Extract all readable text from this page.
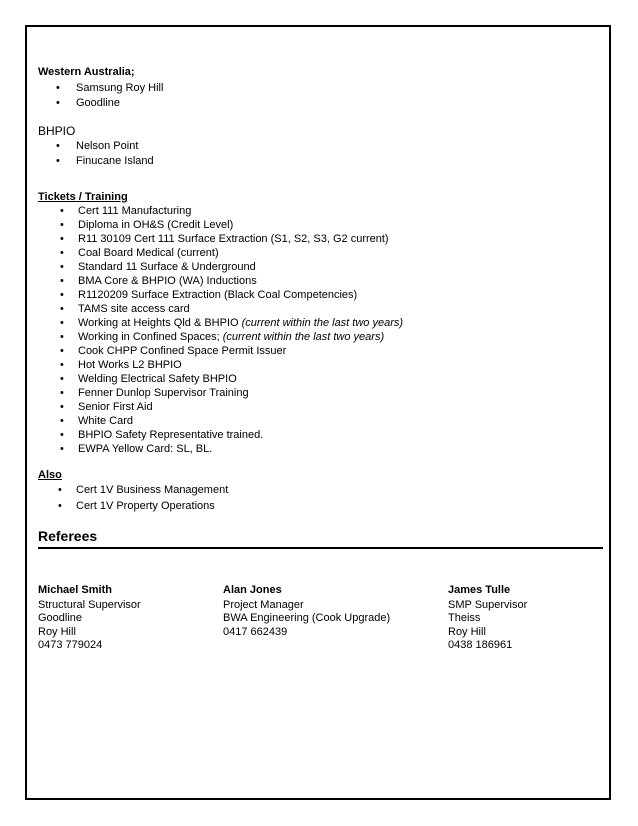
Western Australia;
• Samsung Roy Hill
• Goodline
BHPIO
• Nelson Point
• Finucane Island
Tickets / Training
• Cert 111 Manufacturing
• Diploma in OH&S (Credit Level)
• R11 30109 Cert 111 Surface Extraction (S1, S2, S3, G2 current)
• Coal Board Medical (current)
• Standard 11 Surface & Underground
• BMA Core & BHPIO (WA) Inductions
• R1120209 Surface Extraction (Black Coal Competencies)
• TAMS site access card
• Working at Heights Qld & BHPIO (current within the last two years)
• Working in Confined Spaces; (current within the last two years)
• Cook CHPP Confined Space Permit Issuer
• Hot Works L2 BHPIO
• Welding Electrical Safety BHPIO
• Fenner Dunlop Supervisor Training
• Senior First Aid
• White Card
• BHPIO Safety Representative trained.
• EWPA Yellow Card: SL, BL.
Also
• Cert 1V Business Management
• Cert 1V Property Operations
Referees
Michael Smith
Structural Supervisor
Goodline
Roy Hill
0473 779024
Alan Jones
Project Manager
BWA Engineering (Cook Upgrade)
0417 662439
James Tulle
SMP Supervisor
Theiss
Roy Hill
0438 186961
